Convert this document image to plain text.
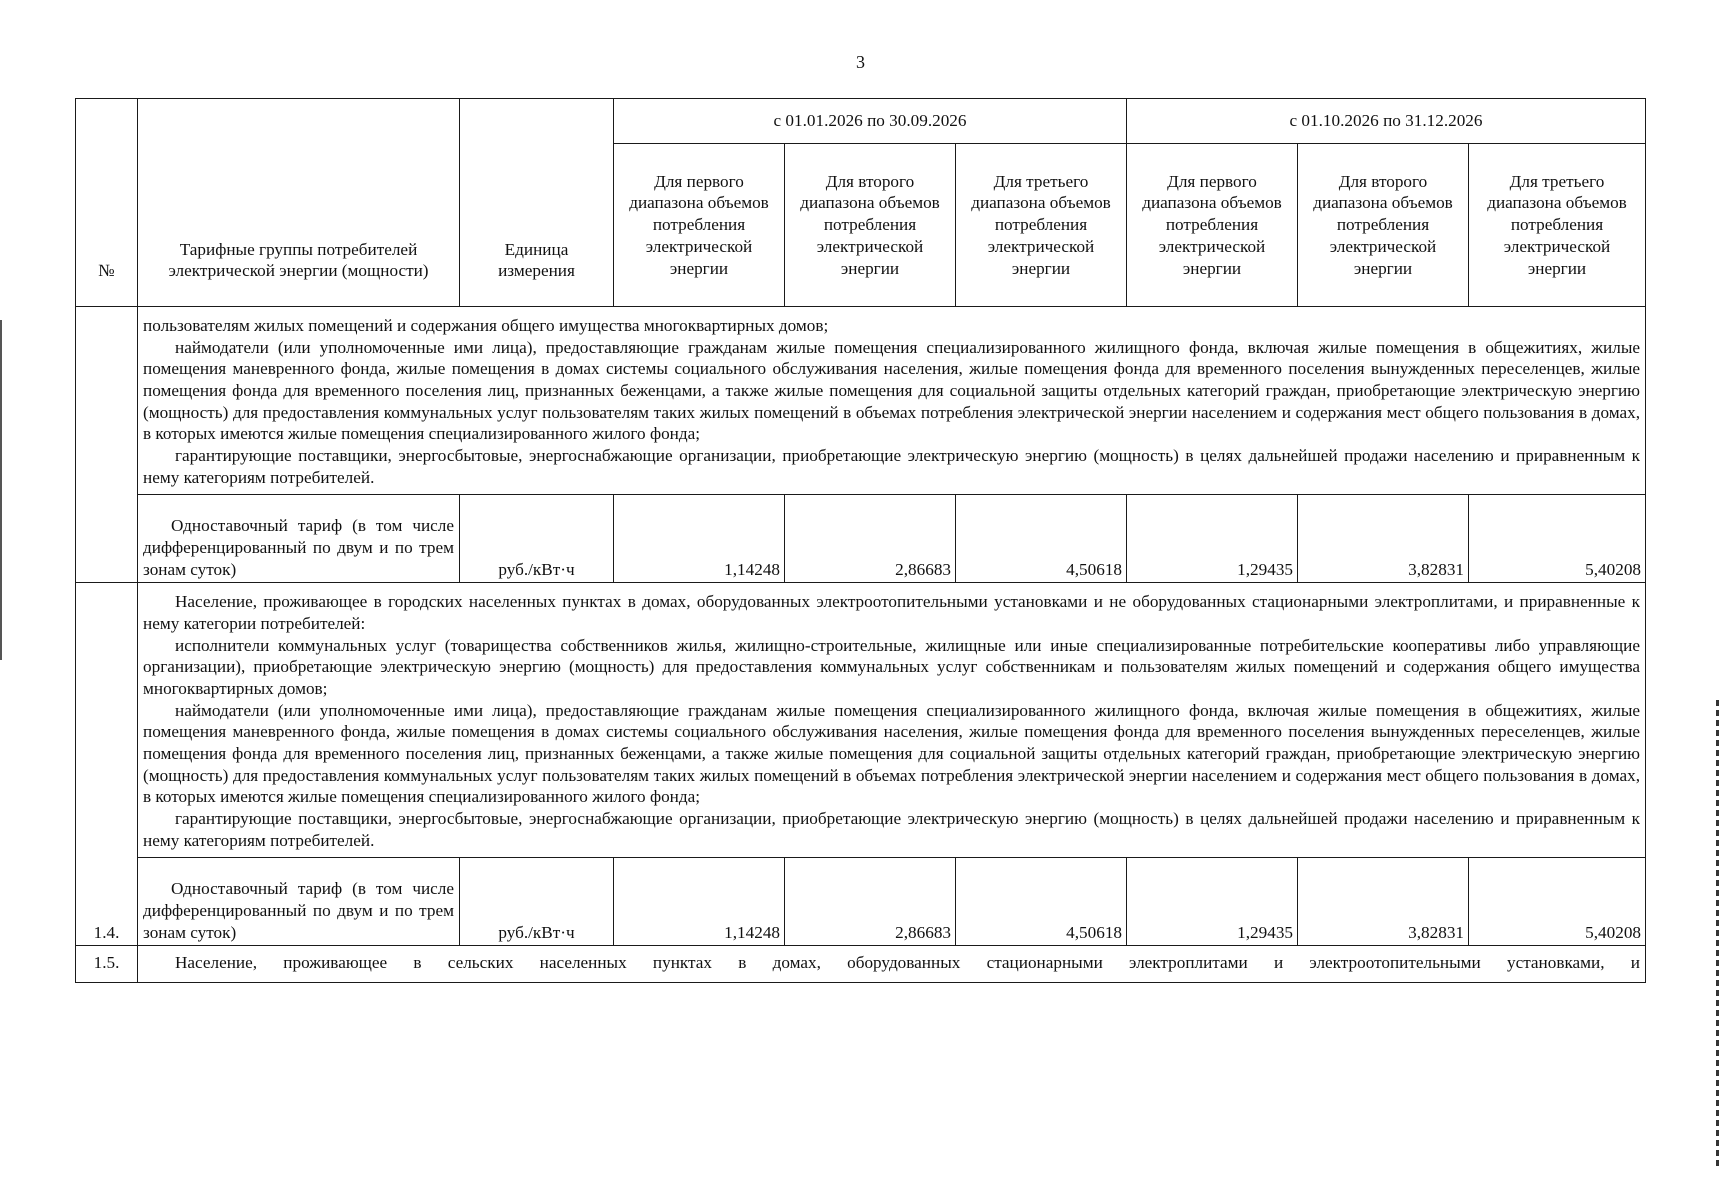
3
№	Тарифные группы потребителей электрической энергии (мощности)	Единица измерения	с 01.01.2026 по 30.09.2026			с 01.10.2026 по 31.12.2026		
			Для первого диапазона объемов потребления электрической энергии	Для второго диапазона объемов потребления электрической энергии	Для третьего диапазона объемов потребления электрической энергии	Для первого диапазона объемов потребления электрической энергии	Для второго диапазона объемов потребления электрической энергии	Для третьего диапазона объемов потребления электрической энергии

	пользователям жилых помещений и содержания общего имущества многоквартирных домов;

наймодатели (или уполномоченные ими лица), предоставляющие гражданам жилые помещения специализированного жилищного фонда, включая жилые помещения в общежитиях, жилые помещения маневренного фонда, жилые помещения в домах системы социального обслуживания населения, жилые помещения фонда для временного поселения вынужденных переселенцев, жилые помещения фонда для временного поселения лиц, признанных беженцами, а также жилые помещения для социальной защиты отдельных категорий граждан, приобретающие электрическую энергию (мощность) для предоставления коммунальных услуг пользователям таких жилых помещений в объемах потребления электрической энергии населением и содержания мест общего пользования в домах, в которых имеются жилые помещения специализированного жилого фонда;

гарантирующие поставщики, энергосбытовые, энергоснабжающие организации, приобретающие электрическую энергию (мощность) в целях дальнейшей продажи населению и приравненным к нему категориям потребителей.							

	Одноставочный тариф (в том числе дифференцированный по двум и по трем зонам суток)	руб./кВт·ч	1,14248	2,86683	4,50618	1,29435	3,82831	5,40208
1.4.	Население, проживающее в городских населенных пунктах в домах, оборудованных электроотопительными установками и не оборудованных стационарными электроплитами, и приравненные к нему категории потребителей:

исполнители коммунальных услуг (товарищества собственников жилья, жилищно-строительные, жилищные или иные специализированные потребительские кооперативы либо управляющие организации), приобретающие электрическую энергию (мощность) для предоставления коммунальных услуг собственникам и пользователям жилых помещений и содержания общего имущества многоквартирных домов;

наймодатели (или уполномоченные ими лица), предоставляющие гражданам жилые помещения специализированного жилищного фонда, включая жилые помещения в общежитиях, жилые помещения маневренного фонда, жилые помещения в домах системы социального обслуживания населения, жилые помещения фонда для временного поселения вынужденных переселенцев, жилые помещения фонда для временного поселения лиц, признанных беженцами, а также жилые помещения для социальной защиты отдельных категорий граждан, приобретающие электрическую энергию (мощность) для предоставления коммунальных услуг пользователям таких жилых помещений в объемах потребления электрической энергии населением и содержания мест общего пользования в домах, в которых имеются жилые помещения специализированного жилого фонда;

гарантирующие поставщики, энергосбытовые, энергоснабжающие организации, приобретающие электрическую энергию (мощность) в целях дальнейшей продажи населению и приравненным к нему категориям потребителей.							

	Одноставочный тариф (в том числе дифференцированный по двум и по трем зонам суток)	руб./кВт·ч	1,14248	2,86683	4,50618	1,29435	3,82831	5,40208
1.5.	Население, проживающее в сельских населенных пунктах в домах, оборудованных стационарными электроплитами и электроотопительными установками, и							
